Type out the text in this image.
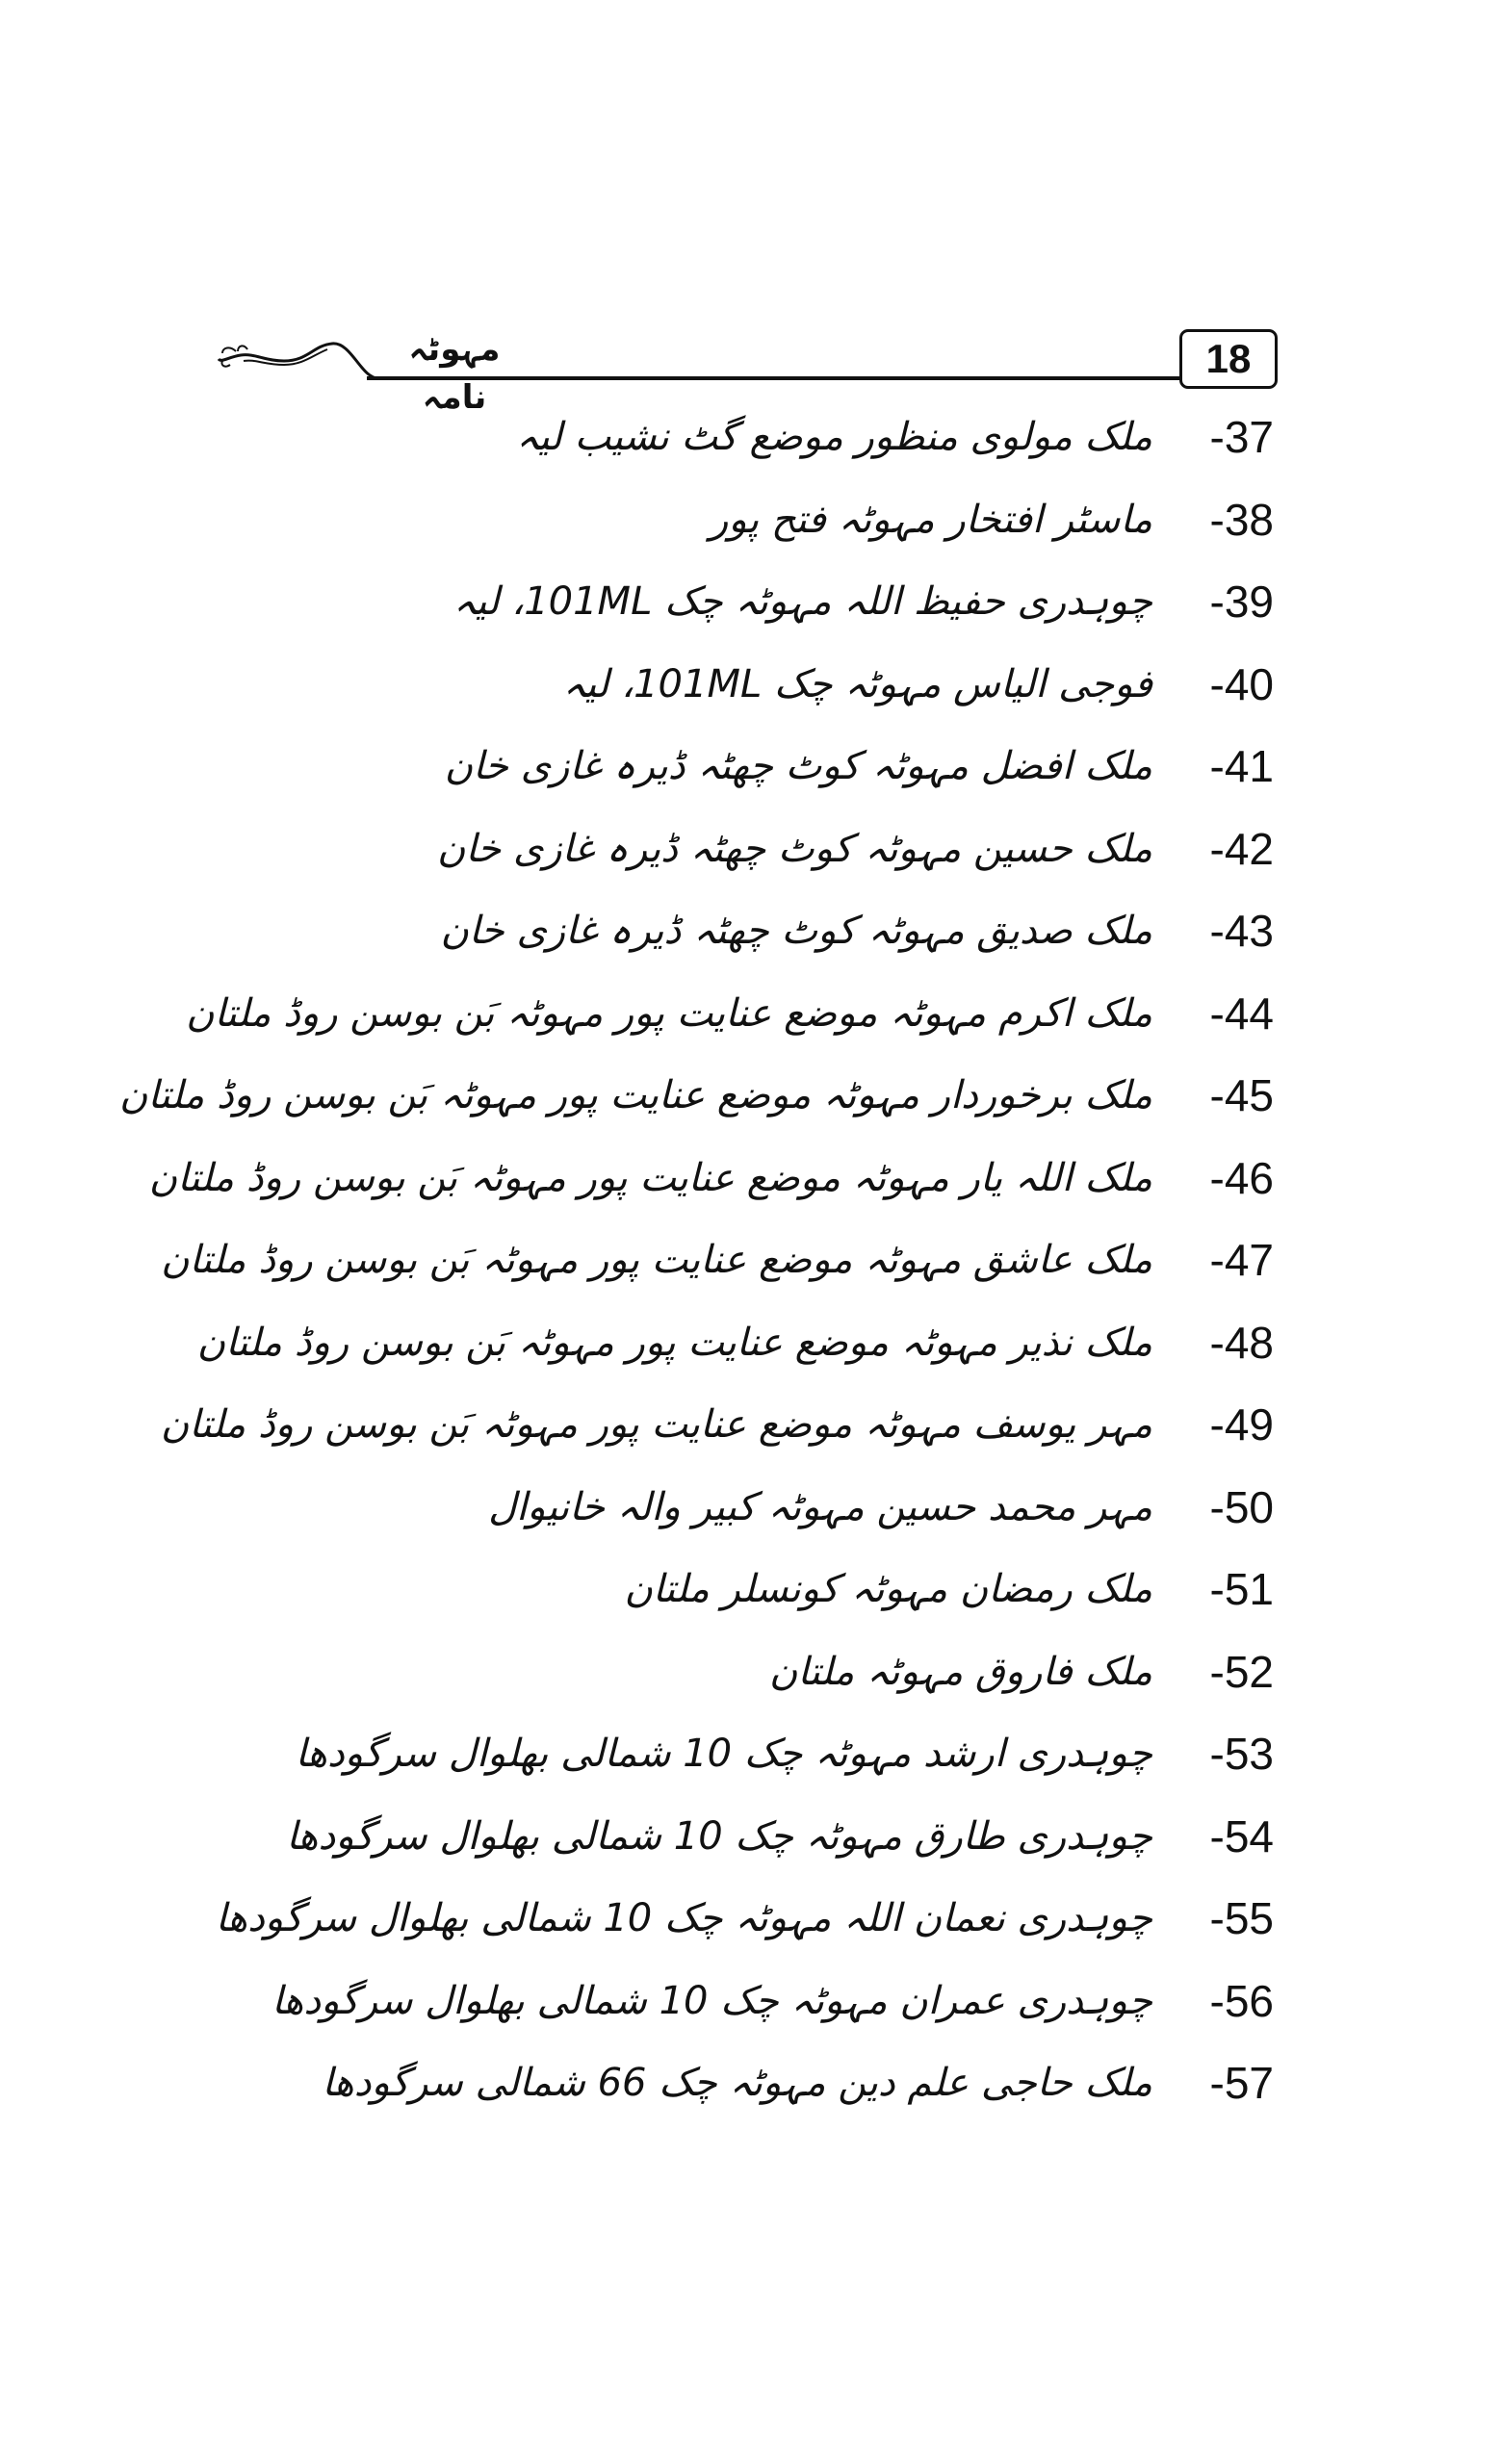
18
مہوٹہ نامہ
-37
ملک مولوی منظور موضع گٹ نشیب لیہ
-38
ماسٹر افتخار مہوٹہ فتح پور
-39
چوہدری حفیظ اللہ مہوٹہ چک 101ML، لیہ
-40
فوجی الیاس مہوٹہ چک 101ML، لیہ
-41
ملک افضل مہوٹہ کوٹ چھٹہ ڈیرہ غازی خان
-42
ملک حسین مہوٹہ کوٹ چھٹہ ڈیرہ غازی خان
-43
ملک صدیق مہوٹہ کوٹ چھٹہ ڈیرہ غازی خان
-44
ملک اکرم مہوٹہ موضع عنایت پور مہوٹہ بَن بوسن روڈ ملتان
-45
ملک برخوردار مہوٹہ موضع عنایت پور مہوٹہ بَن بوسن روڈ ملتان
-46
ملک اللہ یار مہوٹہ موضع عنایت پور مہوٹہ بَن بوسن روڈ ملتان
-47
ملک عاشق مہوٹہ موضع عنایت پور مہوٹہ بَن بوسن روڈ ملتان
-48
ملک نذیر مہوٹہ موضع عنایت پور مہوٹہ بَن بوسن روڈ ملتان
-49
مہر یوسف مہوٹہ موضع عنایت پور مہوٹہ بَن بوسن روڈ ملتان
-50
مہر محمد حسین مہوٹہ کبیر والہ خانیوال
-51
ملک رمضان مہوٹہ کونسلر ملتان
-52
ملک فاروق مہوٹہ ملتان
-53
چوہدری ارشد مہوٹہ چک 10 شمالی بھلوال سرگودھا
-54
چوہدری طارق مہوٹہ چک 10 شمالی بھلوال سرگودھا
-55
چوہدری نعمان اللہ مہوٹہ چک 10 شمالی بھلوال سرگودھا
-56
چوہدری عمران مہوٹہ چک 10 شمالی بھلوال سرگودھا
-57
ملک حاجی علم دین مہوٹہ چک 66 شمالی سرگودھا
